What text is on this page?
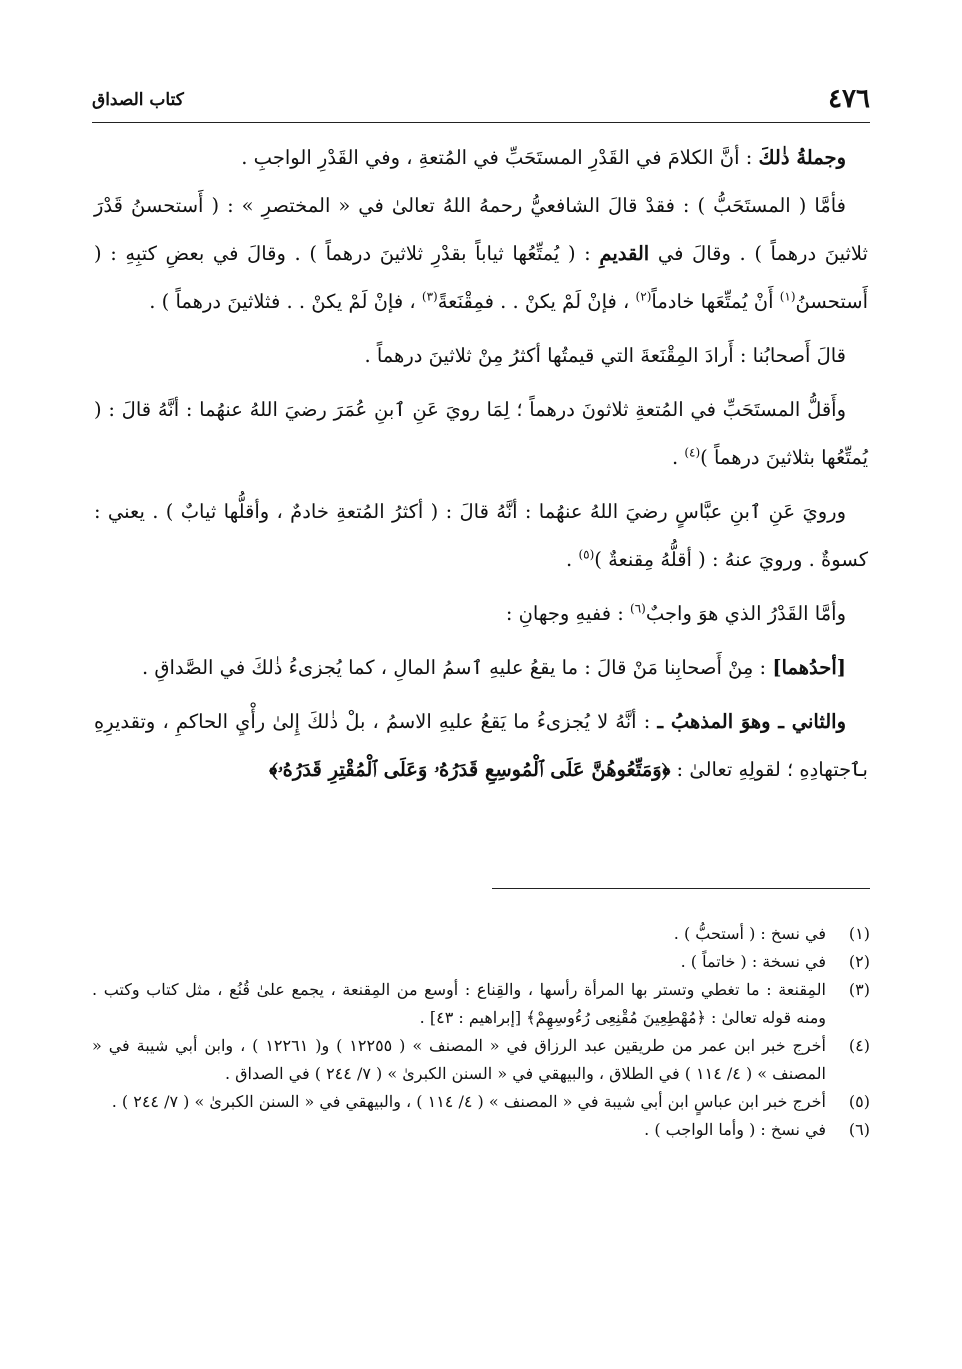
٤٧٦
كتاب الصداق

وجملةُ ذٰلكَ : أنَّ الكلامَ في القَدْرِ المستَحَبِّ في المُتعةِ ، وفي القَدْرِ الواجبِ .

فأمَّا ( المستَحَبُّ ) : فقدْ قالَ الشافعيُّ رحمهُ اللهُ تعالىٰ في « المختصرِ » : ( أَستحسنُ قَدْرَ ثلاثينَ درهماً ) . وقالَ في القديمِ : ( يُمتِّعُها ثياباً بقدْرِ ثلاثينَ درهماً ) . وقالَ في بعضِ كتبِهِ : ( أَستحسنُ$^{(١)}$ أَنْ يُمتِّعَها خادماً$^{(٢)}$ ، فإنْ لَمْ يكنْ . . فمِقْنَعةً$^{(٣)}$ ، فإنْ لَمْ يكنْ . . فثلاثينَ درهماً ) .

قالَ أَصحابُنا : أَرادَ المِقْنَعةَ التي قيمتُها أكثرُ مِنْ ثلاثينَ درهماً .

وأَقلُّ المستَحَبِّ في المُتعةِ ثلاثونَ درهماً ؛ لِمَا رويَ عَنِ ٱبنِ عُمَرَ رضيَ اللهُ عنهُما : أنَّهُ قالَ : ( يُمتِّعُها بثلاثينَ درهماً )$^{(٤)}$ .

ورويَ عَنِ ٱبنِ عبَّاسٍ رضيَ اللهُ عنهُما : أنَّهُ قالَ : ( أكثرُ المُتعةِ خادمٌ ، وأقلُّها ثيابٌ ) . يعني : كسوةٌ . ورويَ عنهُ : ( أقلُّهُ مِقنعةٌ )$^{(٥)}$ .

وأمَّا القَدْرُ الذي هوَ واجبٌ$^{(٦)}$ : ففيهِ وجهانِ :

[أحدُهما] : مِنْ أَصحابِنا مَنْ قالَ : ما يقعُ عليهِ ٱسمُ المالِ ، كما يُجزىءُ ذٰلكَ في الصَّداقِ .

والثاني ـ وهوَ المذهبُ ـ : أنَّهُ لا يُجزىءُ ما يَقعُ عليهِ الاسمُ ، بلْ ذٰلكَ إِلىٰ رأْيِ الحاكمِ ، وتقديرِهِ بٱجتهادِهِ ؛ لقولِهِ تعالىٰ : ﴿وَمَتِّعُوهُنَّ عَلَى ٱلْمُوسِعِ قَدَرُهُۥ وَعَلَى ٱلْمُقْتِرِ قَدَرُهُۥ﴾

(١)
في نسخ : ( أستحبُّ ) .
(٢)
في نسخة : ( خاتماً ) .
(٣)
المِقنعة : ما تغطي وتستر بها المرأة رأسها ، والقِناع : أوسع من المِقنعة ، يجمع علىٰ قُنُع ، مثل كتاب وكتب . ومنه قوله تعالىٰ : ﴿مُهْطِعِينَ مُقْنِعِى رُءُوسِهِمْ﴾ [إبراهيم : ٤٣] .
(٤)
أخرج خبر ابن عمر من طريقين عبد الرزاق في « المصنف » ( ١٢٢٥٥ ) و( ١٢٢٦١ ) ، وابن أبي شيبة في « المصنف » ( ٤/ ١١٤ ) في الطلاق ، والبيهقي في « السنن الكبرىٰ » ( ٧/ ٢٤٤ ) في الصداق .
(٥)
أخرج خبر ابن عباسٍ ابن أبي شيبة في « المصنف » ( ٤/ ١١٤ ) ، والبيهقي في « السنن الكبرىٰ » ( ٧/ ٢٤٤ ) .
(٦)
في نسخ : ( وأما الواجب ) .
